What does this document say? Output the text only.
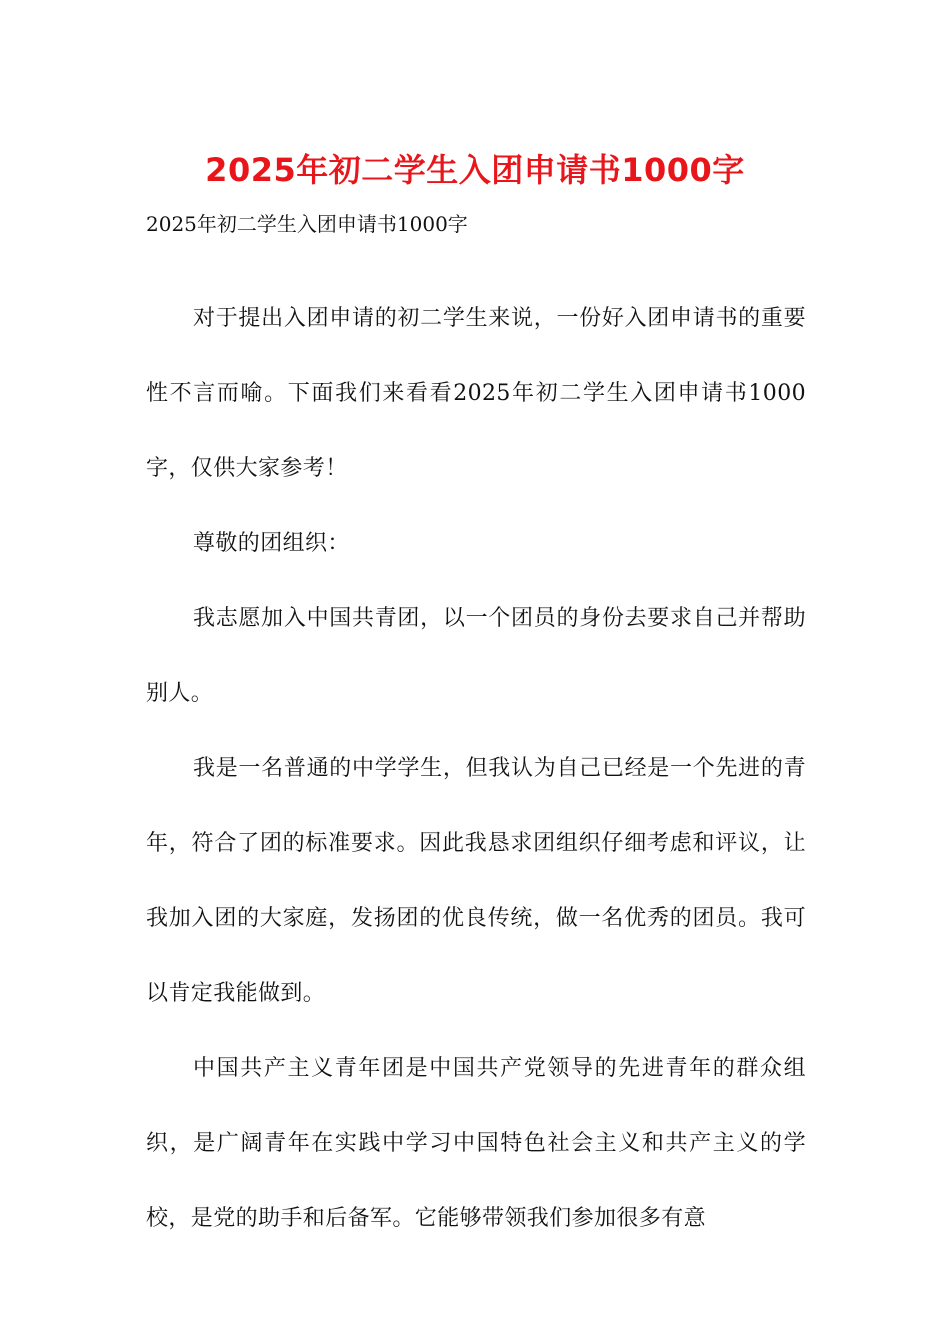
2025年初二学生入团申请书1000字

2025年初二学生入团申请书1000字

对于提出入团申请的初二学生来说，一份好入团申请书的重要性不言而喻。下面我们来看看2025年初二学生入团申请书1000字，仅供大家参考！

尊敬的团组织：

我志愿加入中国共青团，以一个团员的身份去要求自己并帮助别人。

我是一名普通的中学学生，但我认为自己已经是一个先进的青年，符合了团的标准要求。因此我恳求团组织仔细考虑和评议，让我加入团的大家庭，发扬团的优良传统，做一名优秀的团员。我可以肯定我能做到。

中国共产主义青年团是中国共产党领导的先进青年的群众组织，是广阔青年在实践中学习中国特色社会主义和共产主义的学校，是党的助手和后备军。它能够带领我们参加很多有意
